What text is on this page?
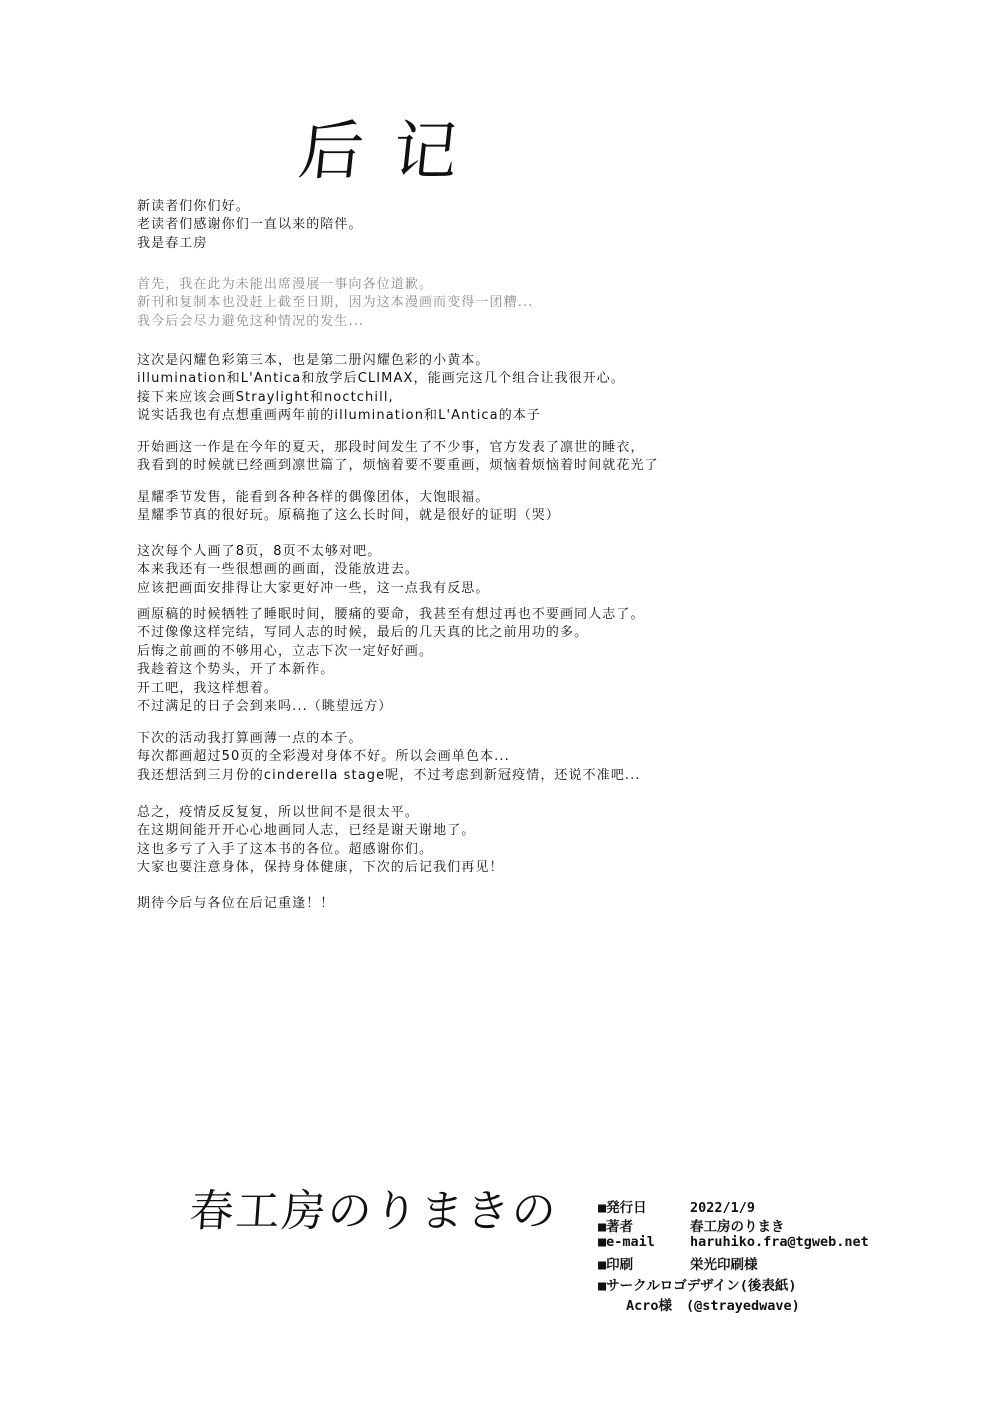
后记
新读者们你们好。
老读者们感谢你们一直以来的陪伴。
我是春工房
首先，我在此为未能出席漫展一事向各位道歉。
新刊和复制本也没赶上截至日期，因为这本漫画而变得一团糟...
我今后会尽力避免这种情况的发生...
这次是闪耀色彩第三本，也是第二册闪耀色彩的小黄本。
illumination和L'Antica和放学后CLIMAX，能画完这几个组合让我很开心。
接下来应该会画Straylight和noctchill,
说实话我也有点想重画两年前的illumination和L'Antica的本子
开始画这一作是在今年的夏天，那段时间发生了不少事，官方发表了凛世的睡衣，
我看到的时候就已经画到凛世篇了，烦恼着要不要重画，烦恼着烦恼着时间就花光了
星耀季节发售，能看到各种各样的偶像团体，大饱眼福。
星耀季节真的很好玩。原稿拖了这么长时间，就是很好的证明（哭）
这次每个人画了8页，8页不太够对吧。
本来我还有一些很想画的画面，没能放进去。
应该把画面安排得让大家更好冲一些，这一点我有反思。
画原稿的时候牺牲了睡眠时间，腰痛的要命，我甚至有想过再也不要画同人志了。
不过像像这样完结，写同人志的时候，最后的几天真的比之前用功的多。
后悔之前画的不够用心，立志下次一定好好画。
我趁着这个势头，开了本新作。
开工吧，我这样想着。
不过满足的日子会到来吗...（眺望远方）
下次的活动我打算画薄一点的本子。
每次都画超过50页的全彩漫对身体不好。所以会画单色本...
我还想活到三月份的cinderella stage呢，不过考虑到新冠疫情，还说不准吧...
总之，疫情反反复复，所以世间不是很太平。
在这期间能开开心心地画同人志，已经是谢天谢地了。
这也多亏了入手了这本书的各位。超感谢你们。
大家也要注意身体，保持身体健康，下次的后记我们再见！
期待今后与各位在后记重逢！！
春工房のりまきの	■発行日	2022/1/9
■著者	春工房のりまき
■e-mail	haruhiko.fra@tgweb.net
■印刷	栄光印刷様
■サークルロゴデザイン(後表紙)
Acro様 (@strayedwave)
